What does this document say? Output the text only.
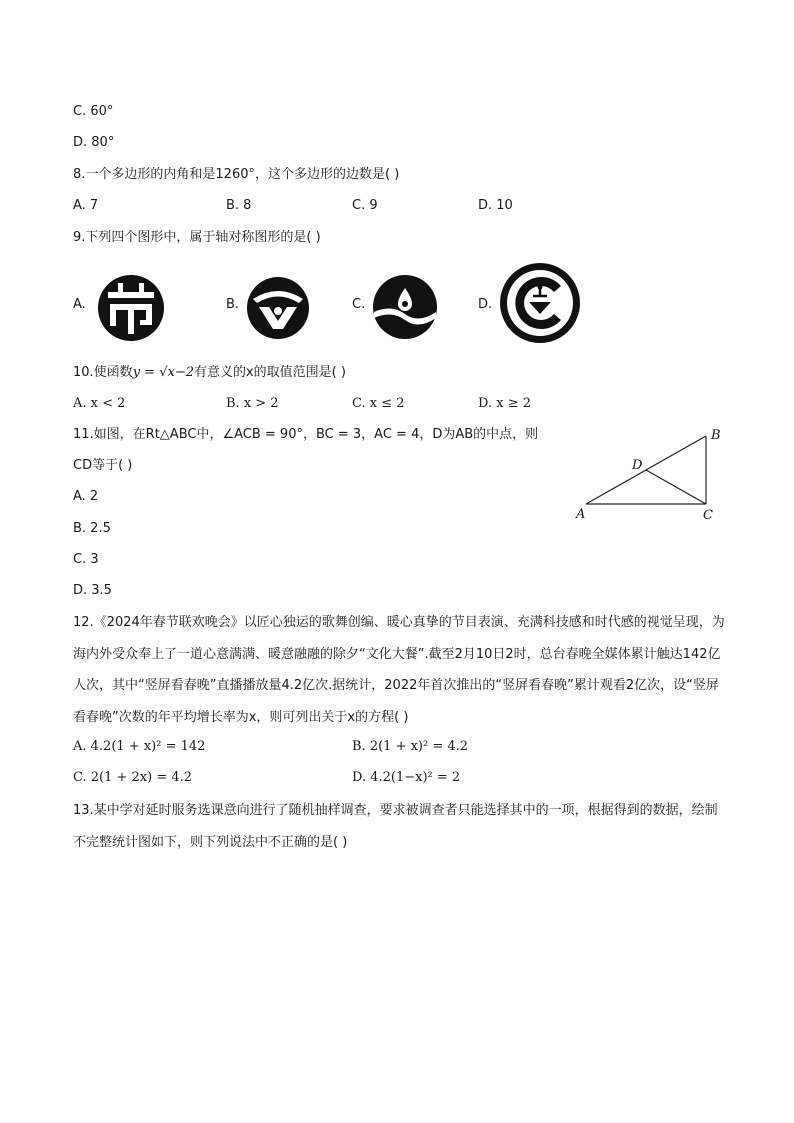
C. 60°
D. 80°
8.一个多边形的内角和是1260°，这个多边形的边数是( )
A. 7	B. 8	C. 9	D. 10
9.下列四个图形中，属于轴对称图形的是( )
A.	B.	C.	D.
10.使函数y = √x−2有意义的x的取值范围是( )
A. x < 2	B. x > 2	C. x ≤ 2	D. x ≥ 2
11.如图，在Rt△ABC中，∠ACB = 90°，BC = 3，AC = 4，D为AB的中点，则
CD等于( )
A. 2
B. 2.5
C. 3
D. 3.5
A
B
C
D
12.《2024年春节联欢晚会》以匠心独运的歌舞创编、暖心真挚的节目表演、充满科技感和时代感的视觉呈现，为海内外受众奉上了一道心意满满、暖意融融的除夕“文化大餐”.截至2月10日2时，总台春晚全媒体累计触达142亿人次，其中“竖屏看春晚”直播播放量4.2亿次.据统计，2022年首次推出的“竖屏看春晚”累计观看2亿次，设“竖屏看春晚”次数的年平均增长率为x，则可列出关于x的方程( )
A. 4.2(1 + x)² = 142	B. 2(1 + x)² = 4.2
C. 2(1 + 2x) = 4.2	D. 4.2(1−x)² = 2
13.某中学对延时服务选课意向进行了随机抽样调查，要求被调查者只能选择其中的一项，根据得到的数据，绘制不完整统计图如下，则下列说法中不正确的是( )
